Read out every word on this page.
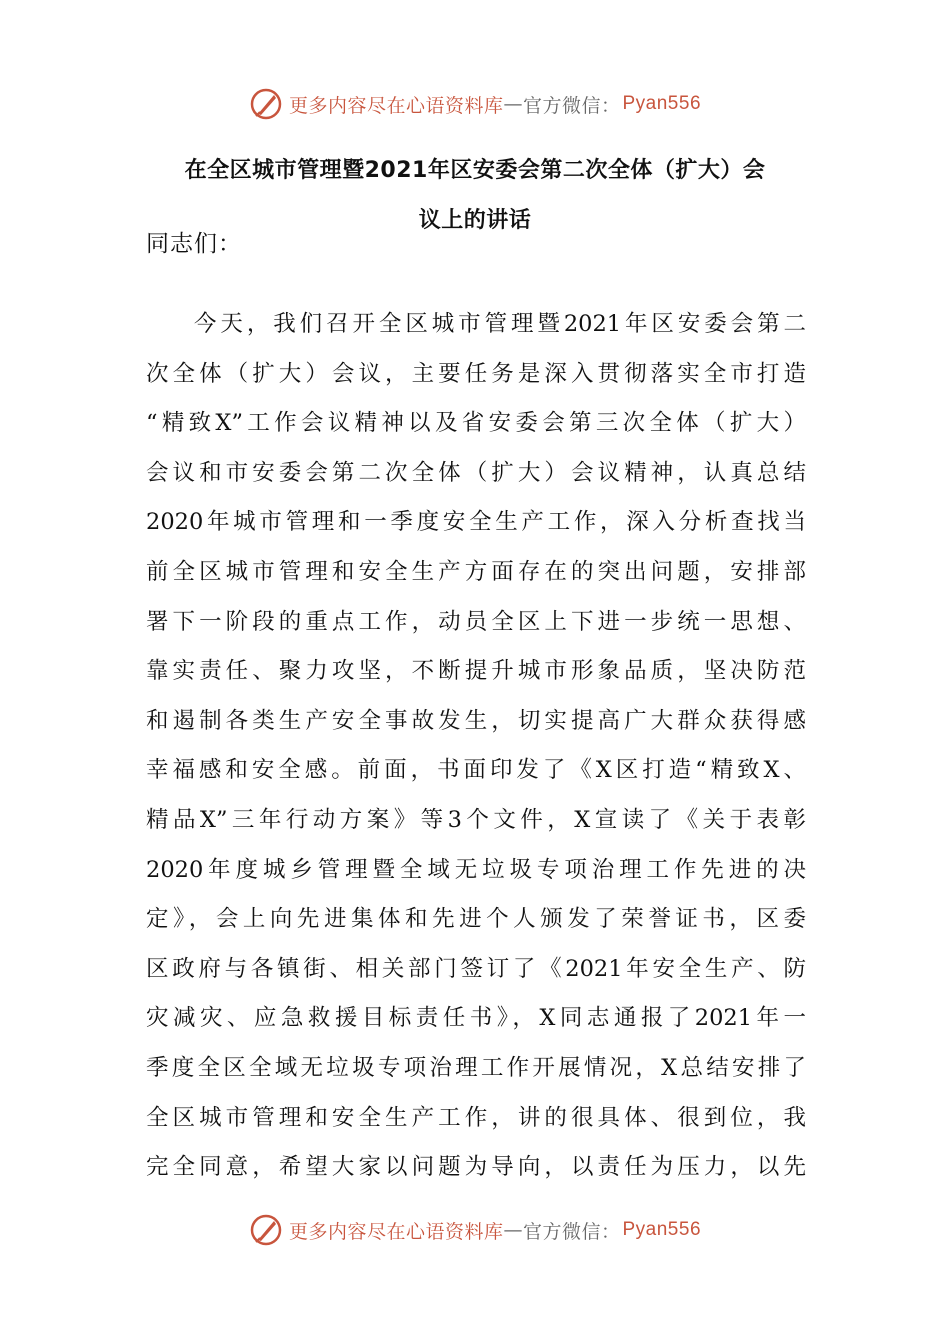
更多内容尽在心语资料库 — 官方微信： Pyan556
在全区城市管理暨2021年区安委会第二次全体（扩大）会
议上的讲话
同志们：
今天，我们召开全区城市管理暨2021年区安委会第二
次全体（扩大）会议，主要任务是深入贯彻落实全市打造
“精致X”工作会议精神以及省安委会第三次全体（扩大）
会议和市安委会第二次全体（扩大）会议精神，认真总结
2020年城市管理和一季度安全生产工作，深入分析查找当
前全区城市管理和安全生产方面存在的突出问题，安排部
署下一阶段的重点工作，动员全区上下进一步统一思想、
靠实责任、聚力攻坚，不断提升城市形象品质，坚决防范
和遏制各类生产安全事故发生，切实提高广大群众获得感
幸福感和安全感。前面，书面印发了《X区打造“精致X、
精品X”三年行动方案》等3个文件，X宣读了《关于表彰
2020年度城乡管理暨全域无垃圾专项治理工作先进的决
定》，会上向先进集体和先进个人颁发了荣誉证书，区委
区政府与各镇街、相关部门签订了《2021年安全生产、防
灾减灾、应急救援目标责任书》，X同志通报了2021年一
季度全区全域无垃圾专项治理工作开展情况，X总结安排了
全区城市管理和安全生产工作，讲的很具体、很到位，我
完全同意，希望大家以问题为导向，以责任为压力，以先
更多内容尽在心语资料库 — 官方微信： Pyan556
